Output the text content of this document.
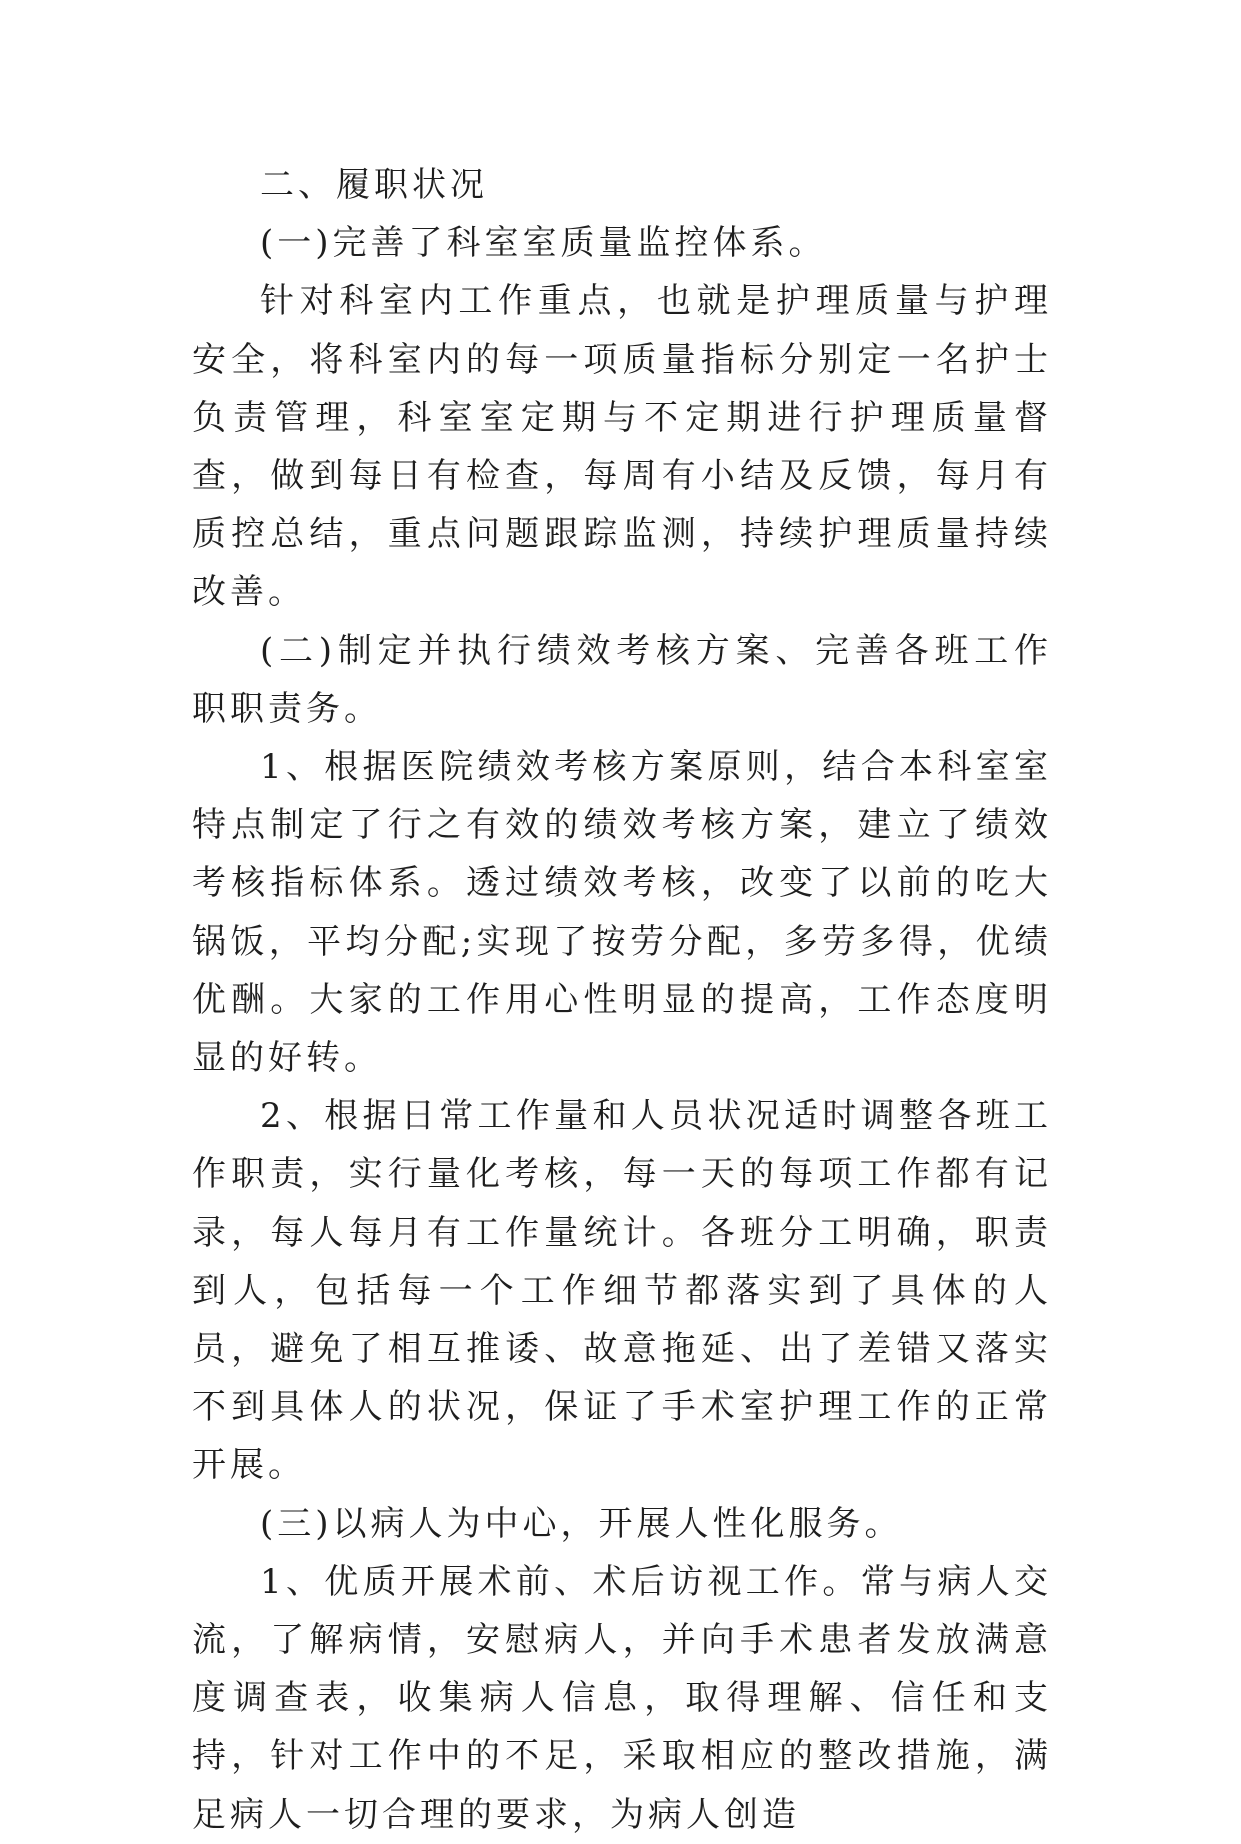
二、履职状况

(一)完善了科室室质量监控体系。

针对科室内工作重点，也就是护理质量与护理安全，将科室内的每一项质量指标分别定一名护士负责管理，科室室定期与不定期进行护理质量督查，做到每日有检查，每周有小结及反馈，每月有质控总结，重点问题跟踪监测，持续护理质量持续改善。

(二)制定并执行绩效考核方案、完善各班工作职职责务。

1、根据医院绩效考核方案原则，结合本科室室特点制定了行之有效的绩效考核方案，建立了绩效考核指标体系。透过绩效考核，改变了以前的吃大锅饭，平均分配;实现了按劳分配，多劳多得，优绩优酬。大家的工作用心性明显的提高，工作态度明显的好转。

2、根据日常工作量和人员状况适时调整各班工作职责，实行量化考核，每一天的每项工作都有记录，每人每月有工作量统计。各班分工明确，职责到人，包括每一个工作细节都落实到了具体的人员，避免了相互推诿、故意拖延、出了差错又落实不到具体人的状况，保证了手术室护理工作的正常开展。

(三)以病人为中心，开展人性化服务。

1、优质开展术前、术后访视工作。常与病人交流，了解病情，安慰病人，并向手术患者发放满意度调查表，收集病人信息，取得理解、信任和支持，针对工作中的不足，采取相应的整改措施，满足病人一切合理的要求，为病人创造
